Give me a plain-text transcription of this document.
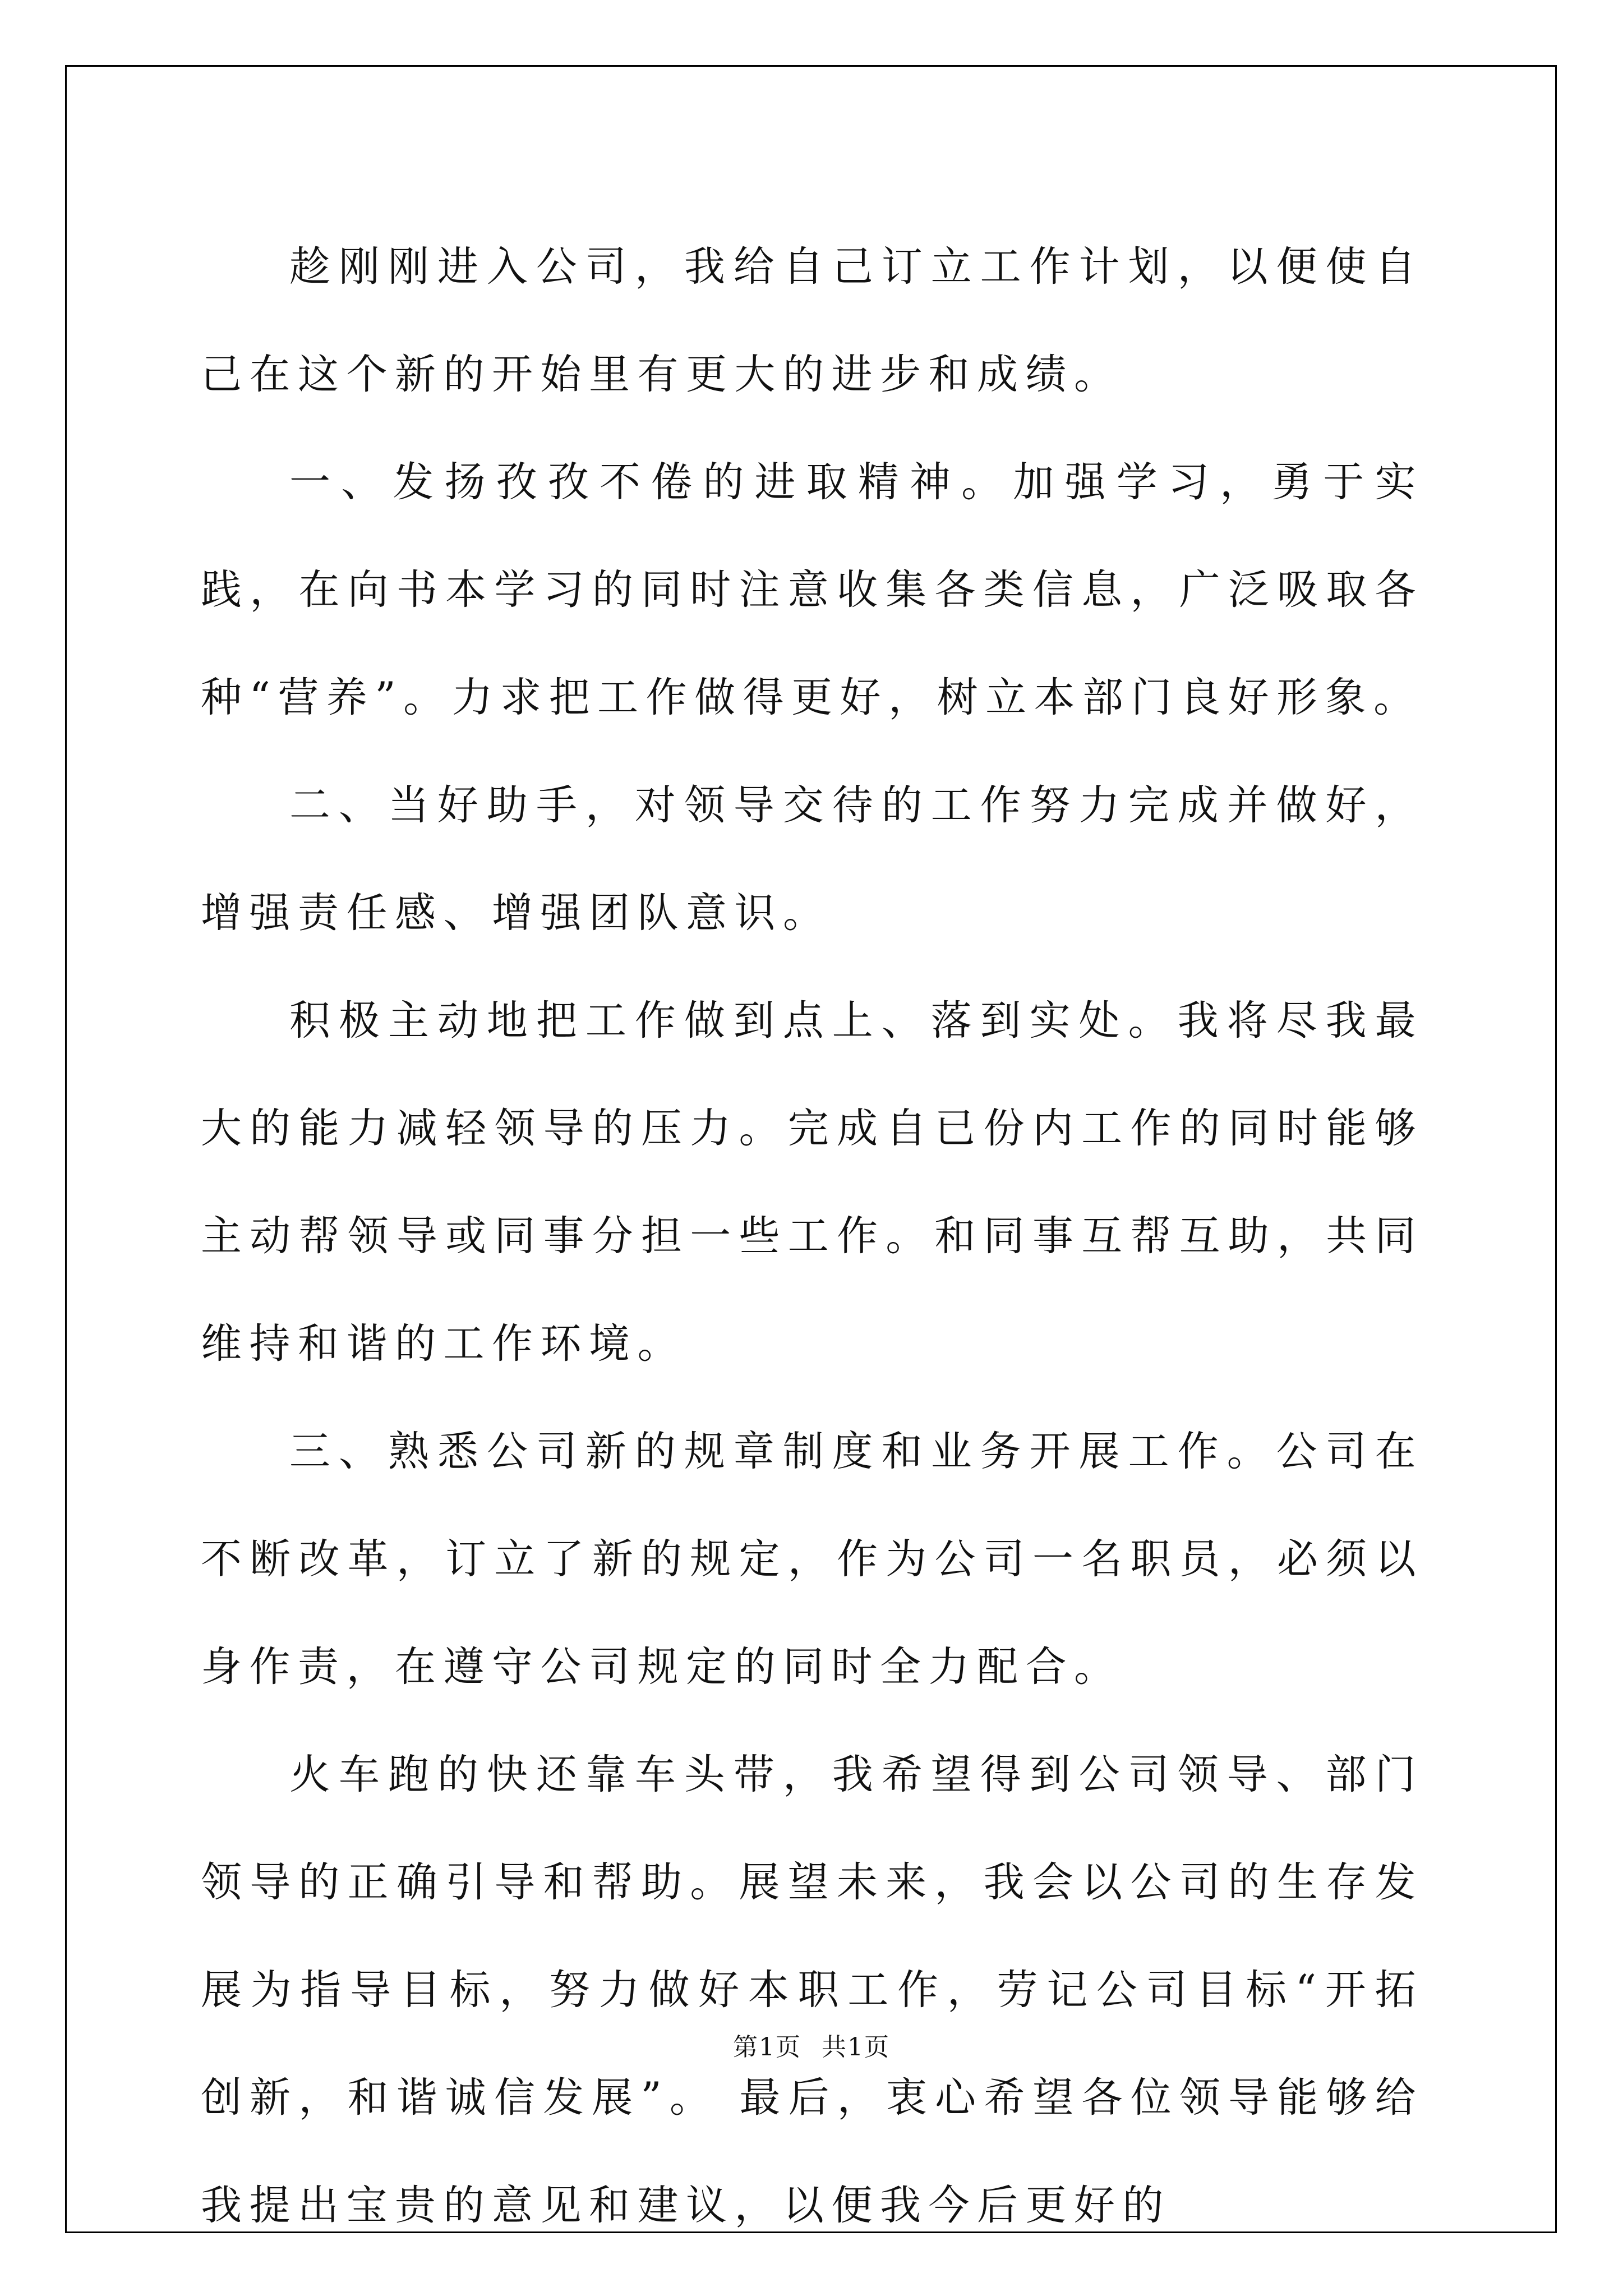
趁刚刚进入公司，我给自己订立工作计划，以便使自己在这个新的开始里有更大的进步和成绩。

一、发扬孜孜不倦的进取精神。加强学习，勇于实践，在向书本学习的同时注意收集各类信息，广泛吸取各种“营养”。力求把工作做得更好，树立本部门良好形象。

二、当好助手，对领导交待的工作努力完成并做好，增强责任感、增强团队意识。

积极主动地把工作做到点上、落到实处。我将尽我最大的能力减轻领导的压力。完成自已份内工作的同时能够主动帮领导或同事分担一些工作。和同事互帮互助，共同维持和谐的工作环境。

三、熟悉公司新的规章制度和业务开展工作。公司在不断改革，订立了新的规定，作为公司一名职员，必须以身作责，在遵守公司规定的同时全力配合。

火车跑的快还靠车头带，我希望得到公司领导、部门领导的正确引导和帮助。展望未来，我会以公司的生存发展为指导目标，努力做好本职工作，劳记公司目标“开拓创新，和谐诚信发展”。 最后，衷心希望各位领导能够给我提出宝贵的意见和建议，以便我今后更好的

第1页 共1页
